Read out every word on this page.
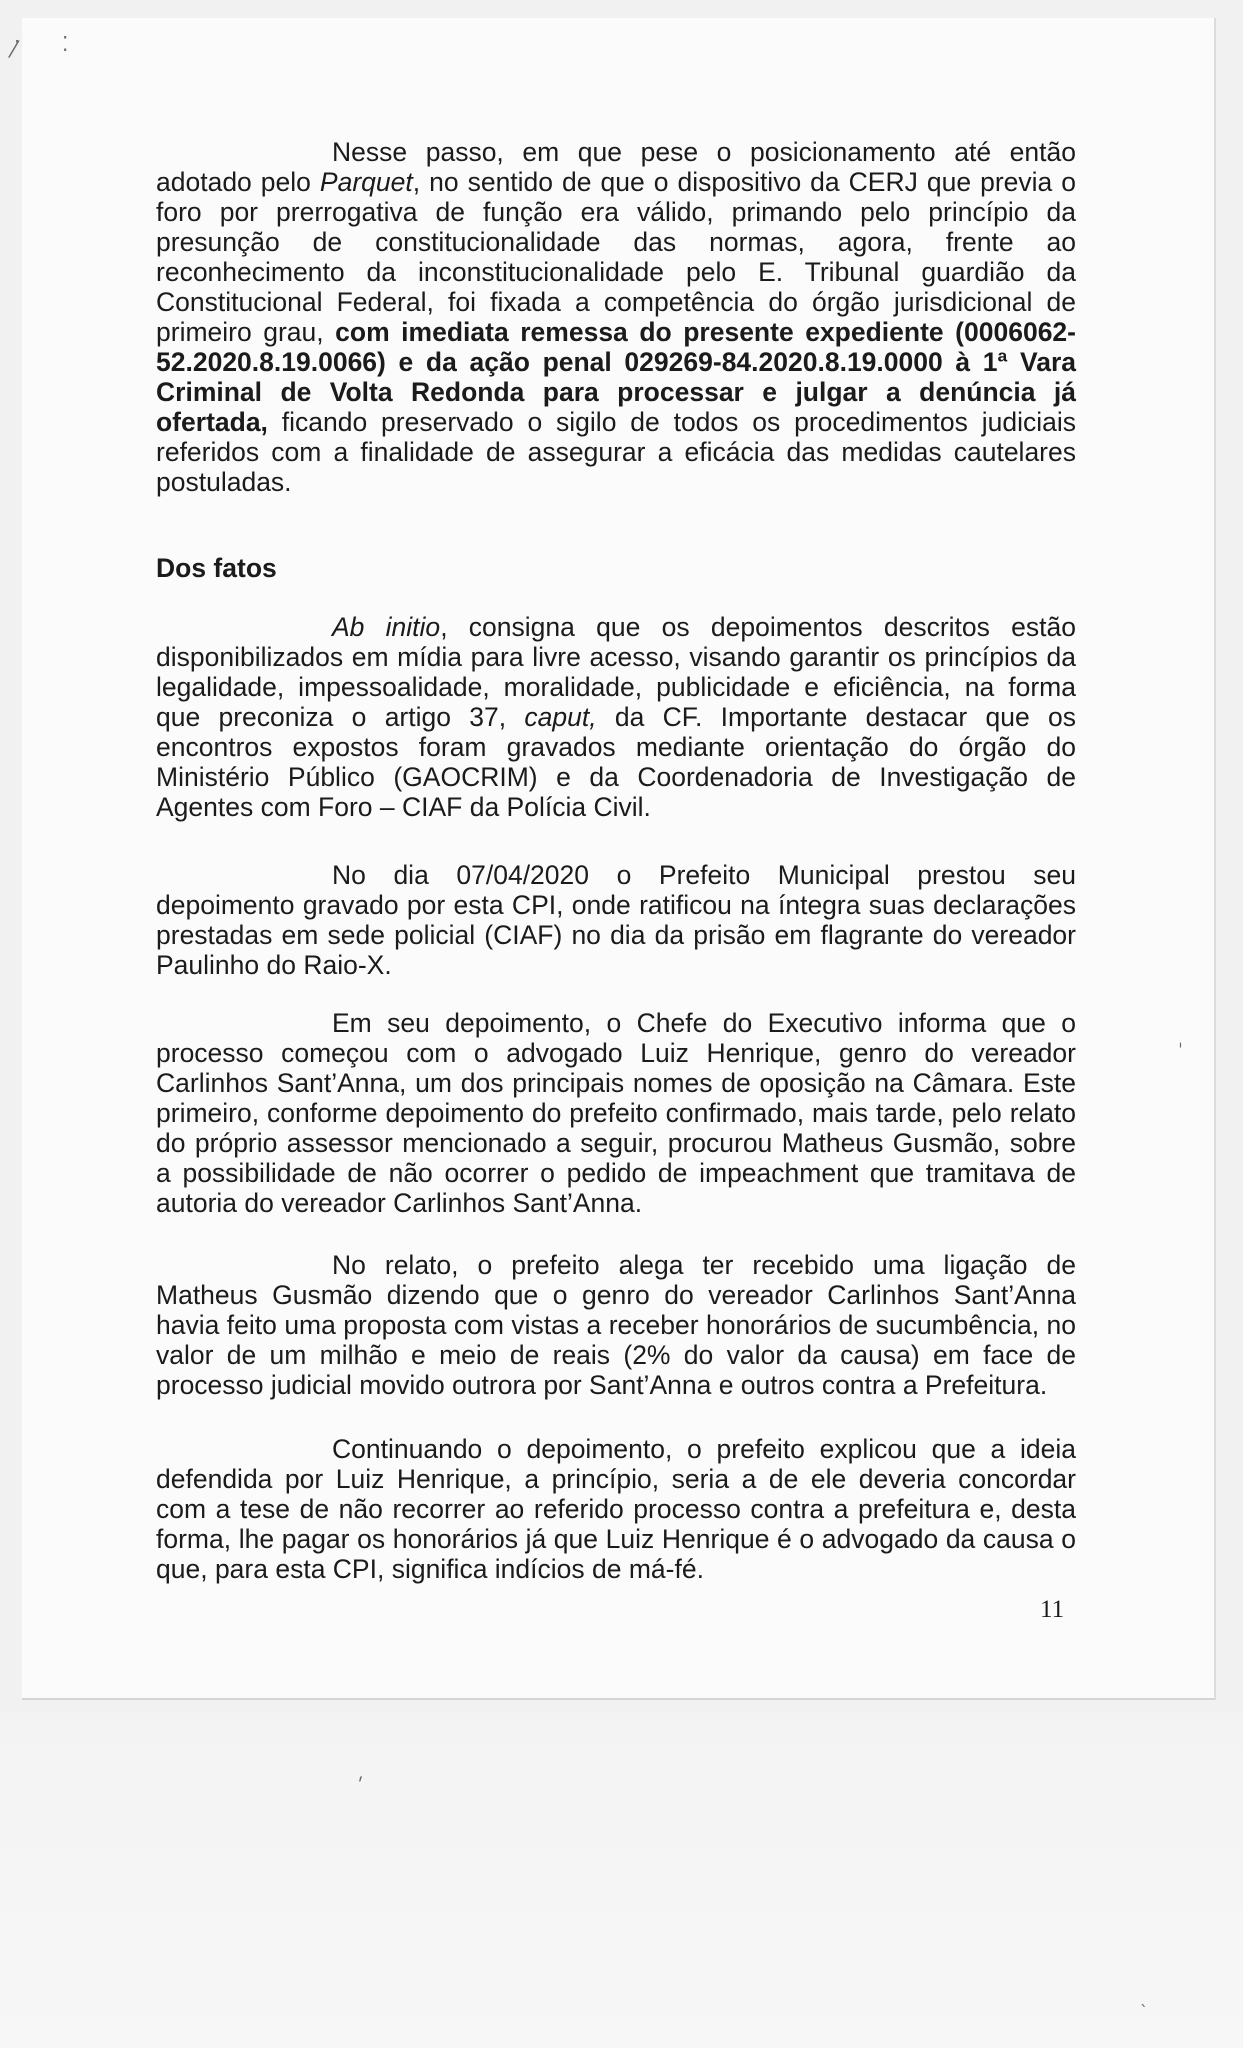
⁄ ̇ ⁚
ˏ
ˈ
ˋ
Nesse passo, em que pese o posicionamento até então adotado pelo Parquet, no sentido de que o dispositivo da CERJ que previa o foro por prerrogativa de função era válido, primando pelo princípio da presunção de constitucionalidade das normas, agora, frente ao reconhecimento da inconstitucionalidade pelo E. Tribunal guardião da Constitucional Federal, foi fixada a competência do órgão jurisdicional de primeiro grau, com imediata remessa do presente expediente (0006062-52.2020.8.19.0066) e da ação penal 029269-84.2020.8.19.0000 à 1ª Vara Criminal de Volta Redonda para processar e julgar a denúncia já ofertada, ficando preservado o sigilo de todos os procedimentos judiciais referidos com a finalidade de assegurar a eficácia das medidas cautelares postuladas.
Dos fatos
Ab initio, consigna que os depoimentos descritos estão disponibilizados em mídia para livre acesso, visando garantir os princípios da legalidade, impessoalidade, moralidade, publicidade e eficiência, na forma que preconiza o artigo 37, caput, da CF. Importante destacar que os encontros expostos foram gravados mediante orientação do órgão do Ministério Público (GAOCRIM) e da Coordenadoria de Investigação de Agentes com Foro – CIAF da Polícia Civil.
No dia 07/04/2020 o Prefeito Municipal prestou seu depoimento gravado por esta CPI, onde ratificou na íntegra suas declarações prestadas em sede policial (CIAF) no dia da prisão em flagrante do vereador Paulinho do Raio-X.
Em seu depoimento, o Chefe do Executivo informa que o processo começou com o advogado Luiz Henrique, genro do vereador Carlinhos Sant’Anna, um dos principais nomes de oposição na Câmara. Este primeiro, conforme depoimento do prefeito confirmado, mais tarde, pelo relato do próprio assessor mencionado a seguir, procurou Matheus Gusmão, sobre a possibilidade de não ocorrer o pedido de impeachment que tramitava de autoria do vereador Carlinhos Sant’Anna.
No relato, o prefeito alega ter recebido uma ligação de Matheus Gusmão dizendo que o genro do vereador Carlinhos Sant’Anna havia feito uma proposta com vistas a receber honorários de sucumbência, no valor de um milhão e meio de reais (2% do valor da causa) em face de processo judicial movido outrora por Sant’Anna e outros contra a Prefeitura.
Continuando o depoimento, o prefeito explicou que a ideia defendida por Luiz Henrique, a princípio, seria a de ele deveria concordar com a tese de não recorrer ao referido processo contra a prefeitura e, desta forma, lhe pagar os honorários já que Luiz Henrique é o advogado da causa o que, para esta CPI, significa indícios de má-fé.
11
